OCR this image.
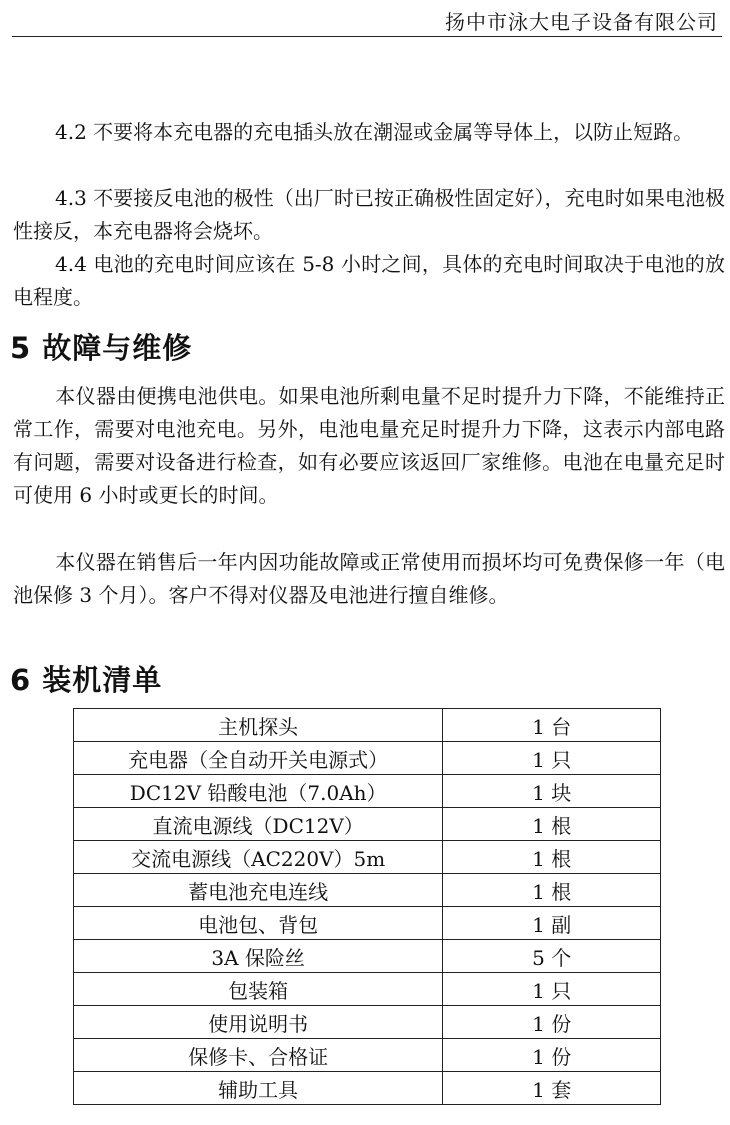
扬中市泳大电子设备有限公司

4.2 不要将本充电器的充电插头放在潮湿或金属等导体上，以防止短路。

4.3 不要接反电池的极性（出厂时已按正确极性固定好），充电时如果电池极性接反，本充电器将会烧坏。

4.4 电池的充电时间应该在 5-8 小时之间，具体的充电时间取决于电池的放电程度。

5 故障与维修

本仪器由便携电池供电。如果电池所剩电量不足时提升力下降，不能维持正常工作，需要对电池充电。另外，电池电量充足时提升力下降，这表示内部电路有问题，需要对设备进行检查，如有必要应该返回厂家维修。电池在电量充足时可使用 6 小时或更长的时间。

本仪器在销售后一年内因功能故障或正常使用而损坏均可免费保修一年（电池保修 3 个月）。客户不得对仪器及电池进行擅自维修。

6 装机清单
主机探头	1 台
充电器（全自动开关电源式）	1 只
DC12V 铅酸电池（7.0Ah）	1 块
直流电源线（DC12V）	1 根
交流电源线（AC220V）5m	1 根
蓄电池充电连线	1 根
电池包、背包	1 副
3A 保险丝	5 个
包装箱	1 只
使用说明书	1 份
保修卡、合格证	1 份
辅助工具	1 套
